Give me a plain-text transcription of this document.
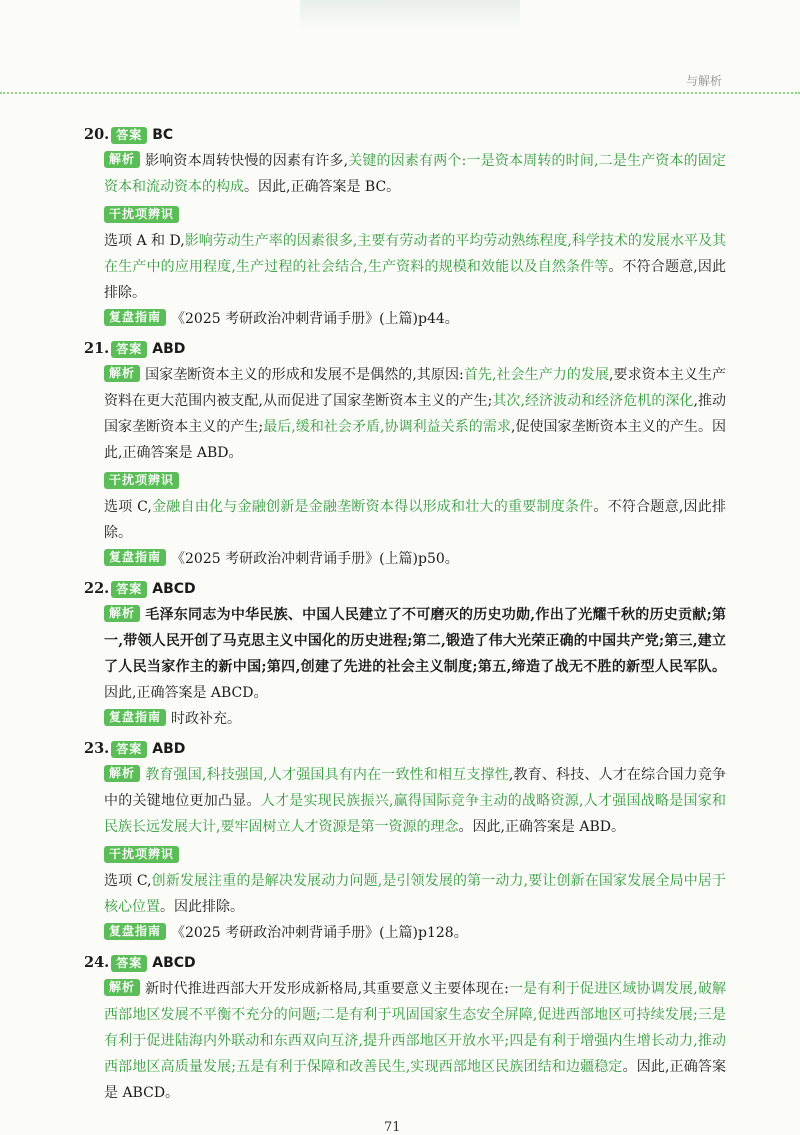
与解析
20. 答案 BC

解析 影响资本周转快慢的因素有许多,关键的因素有两个:一是资本周转的时间,二是生产资本的固定资本和流动资本的构成。因此,正确答案是 BC。

干扰项辨识

选项 A 和 D,影响劳动生产率的因素很多,主要有劳动者的平均劳动熟练程度,科学技术的发展水平及其在生产中的应用程度,生产过程的社会结合,生产资料的规模和效能以及自然条件等。不符合题意,因此排除。

复盘指南 《2025 考研政治冲刺背诵手册》(上篇)p44。

21. 答案 ABD

解析 国家垄断资本主义的形成和发展不是偶然的,其原因:首先,社会生产力的发展,要求资本主义生产资料在更大范围内被支配,从而促进了国家垄断资本主义的产生;其次,经济波动和经济危机的深化,推动国家垄断资本主义的产生;最后,缓和社会矛盾,协调利益关系的需求,促使国家垄断资本主义的产生。因此,正确答案是 ABD。

干扰项辨识

选项 C,金融自由化与金融创新是金融垄断资本得以形成和壮大的重要制度条件。不符合题意,因此排除。

复盘指南 《2025 考研政治冲刺背诵手册》(上篇)p50。

22. 答案 ABCD

解析 毛泽东同志为中华民族、中国人民建立了不可磨灭的历史功勋,作出了光耀千秋的历史贡献;第一,带领人民开创了马克思主义中国化的历史进程;第二,锻造了伟大光荣正确的中国共产党;第三,建立了人民当家作主的新中国;第四,创建了先进的社会主义制度;第五,缔造了战无不胜的新型人民军队。因此,正确答案是 ABCD。

复盘指南 时政补充。

23. 答案 ABD

解析 教育强国,科技强国,人才强国具有内在一致性和相互支撑性,教育、科技、人才在综合国力竞争中的关键地位更加凸显。人才是实现民族振兴,赢得国际竞争主动的战略资源,人才强国战略是国家和民族长远发展大计,要牢固树立人才资源是第一资源的理念。因此,正确答案是 ABD。

干扰项辨识

选项 C,创新发展注重的是解决发展动力问题,是引领发展的第一动力,要让创新在国家发展全局中居于核心位置。因此排除。

复盘指南 《2025 考研政治冲刺背诵手册》(上篇)p128。

24. 答案 ABCD

解析 新时代推进西部大开发形成新格局,其重要意义主要体现在:一是有利于促进区域协调发展,破解西部地区发展不平衡不充分的问题;二是有利于巩固国家生态安全屏障,促进西部地区可持续发展;三是有利于促进陆海内外联动和东西双向互济,提升西部地区开放水平;四是有利于增强内生增长动力,推动西部地区高质量发展;五是有利于保障和改善民生,实现西部地区民族团结和边疆稳定。因此,正确答案是 ABCD。

71
